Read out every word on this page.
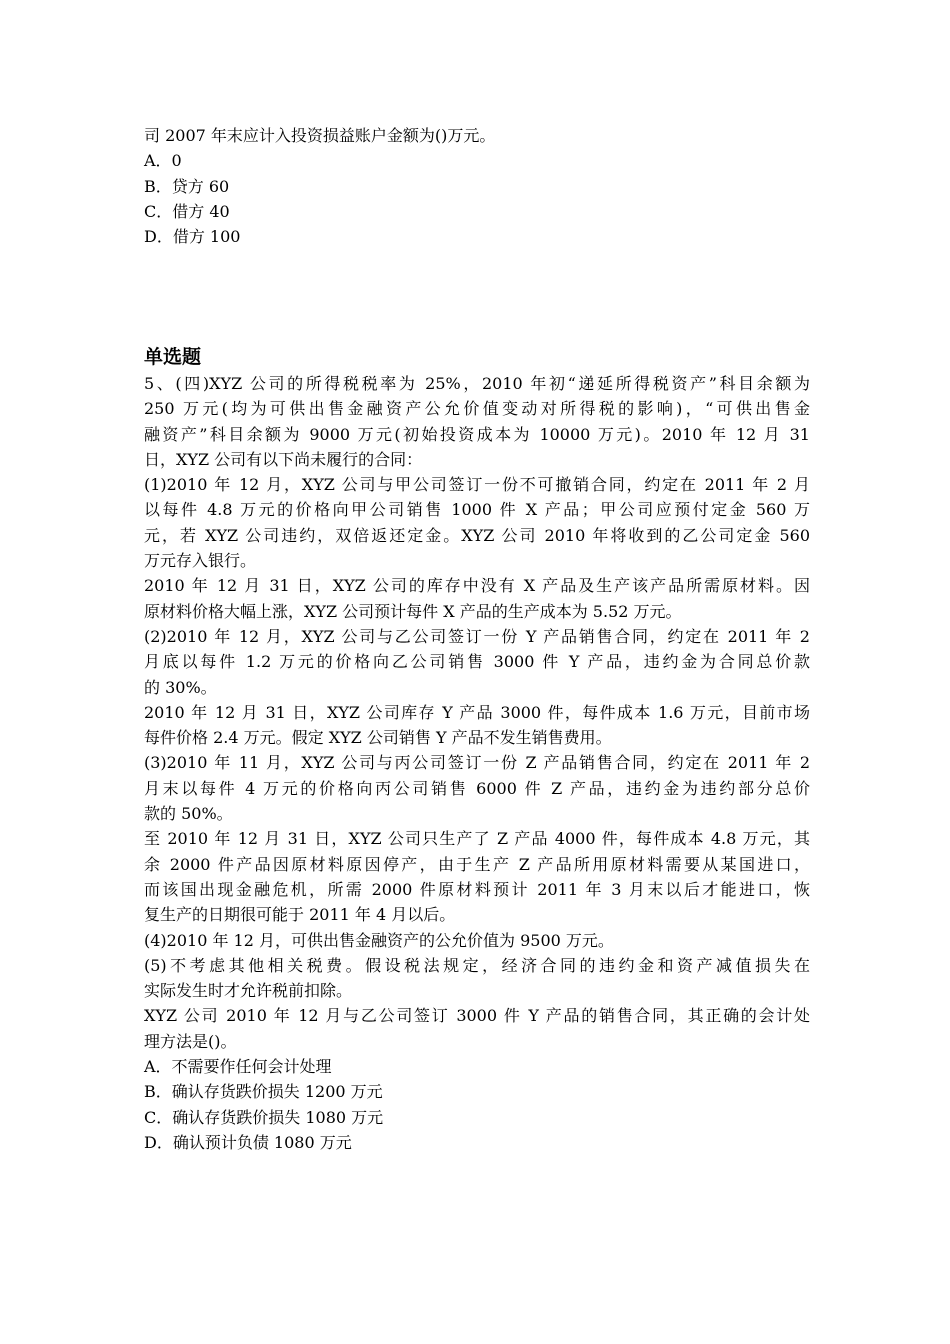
司 2007 年末应计入投资损益账户金额为()万元。
A．0
B．贷方 60
C．借方 40
D．借方 100
单选题
5、(四)XYZ 公司的所得税税率为 25%，2010 年初“递延所得税资产”科目余额为
250 万元(均为可供出售金融资产公允价值变动对所得税的影响)，“可供出售金
融资产”科目余额为 9000 万元(初始投资成本为 10000 万元)。2010 年 12 月 31
日，XYZ 公司有以下尚未履行的合同：
(1)2010 年 12 月，XYZ 公司与甲公司签订一份不可撤销合同，约定在 2011 年 2 月
以每件 4.8 万元的价格向甲公司销售 1000 件 X 产品；甲公司应预付定金 560 万
元，若 XYZ 公司违约，双倍返还定金。XYZ 公司 2010 年将收到的乙公司定金 560
万元存入银行。
2010 年 12 月 31 日，XYZ 公司的库存中没有 X 产品及生产该产品所需原材料。因
原材料价格大幅上涨，XYZ 公司预计每件 X 产品的生产成本为 5.52 万元。
(2)2010 年 12 月，XYZ 公司与乙公司签订一份 Y 产品销售合同，约定在 2011 年 2
月底以每件 1.2 万元的价格向乙公司销售 3000 件 Y 产品，违约金为合同总价款
的 30%。
2010 年 12 月 31 日，XYZ 公司库存 Y 产品 3000 件，每件成本 1.6 万元，目前市场
每件价格 2.4 万元。假定 XYZ 公司销售 Y 产品不发生销售费用。
(3)2010 年 11 月，XYZ 公司与丙公司签订一份 Z 产品销售合同，约定在 2011 年 2
月末以每件 4 万元的价格向丙公司销售 6000 件 Z 产品，违约金为违约部分总价
款的 50%。
至 2010 年 12 月 31 日，XYZ 公司只生产了 Z 产品 4000 件，每件成本 4.8 万元，其
余 2000 件产品因原材料原因停产，由于生产 Z 产品所用原材料需要从某国进口，
而该国出现金融危机，所需 2000 件原材料预计 2011 年 3 月末以后才能进口，恢
复生产的日期很可能于 2011 年 4 月以后。
(4)2010 年 12 月，可供出售金融资产的公允价值为 9500 万元。
(5)不考虑其他相关税费。假设税法规定，经济合同的违约金和资产减值损失在
实际发生时才允许税前扣除。
XYZ 公司 2010 年 12 月与乙公司签订 3000 件 Y 产品的销售合同，其正确的会计处
理方法是()。
A．不需要作任何会计处理
B．确认存货跌价损失 1200 万元
C．确认存货跌价损失 1080 万元
D．确认预计负债 1080 万元
